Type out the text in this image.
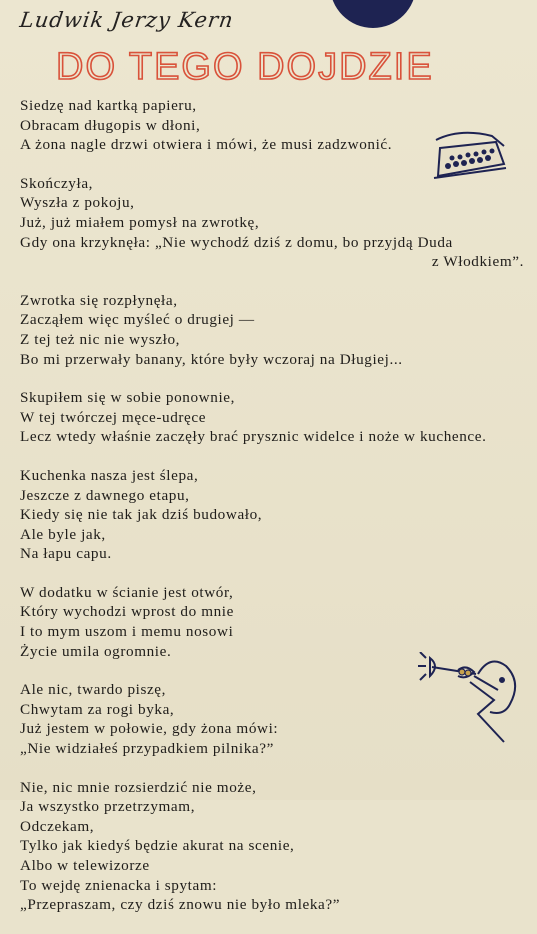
Ludwik Jerzy Kern
DO TEGO DOJDZIE
Siedzę nad kartką papieru,
Obracam długopis w dłoni,
A żona nagle drzwi otwiera i mówi, że musi zadzwonić.
Skończyła,
Wyszła z pokoju,
Już, już miałem pomysł na zwrotkę,
Gdy ona krzyknęła: „Nie wychodź dziś z domu, bo przyjdą Duda
z Włodkiem”.
Zwrotka się rozpłynęła,
Zacząłem więc myśleć o drugiej —
Z tej też nic nie wyszło,
Bo mi przerwały banany, które były wczoraj na Długiej...
Skupiłem się w sobie ponownie,
W tej twórczej męce-udręce
Lecz wtedy właśnie zaczęły brać prysznic widelce i noże w kuchence.
Kuchenka nasza jest ślepa,
Jeszcze z dawnego etapu,
Kiedy się nie tak jak dziś budowało,
Ale byle jak,
Na łapu capu.
W dodatku w ścianie jest otwór,
Który wychodzi wprost do mnie
I to mym uszom i memu nosowi
Życie umila ogromnie.
Ale nic, twardo piszę,
Chwytam za rogi byka,
Już jestem w połowie, gdy żona mówi:
„Nie widziałeś przypadkiem pilnika?”
Nie, nic mnie rozsierdzić nie może,
Ja wszystko przetrzymam,
Odczekam,
Tylko jak kiedyś będzie akurat na scenie,
Albo w telewizorze
To wejdę znienacka i spytam:
„Przepraszam, czy dziś znowu nie było mleka?”
